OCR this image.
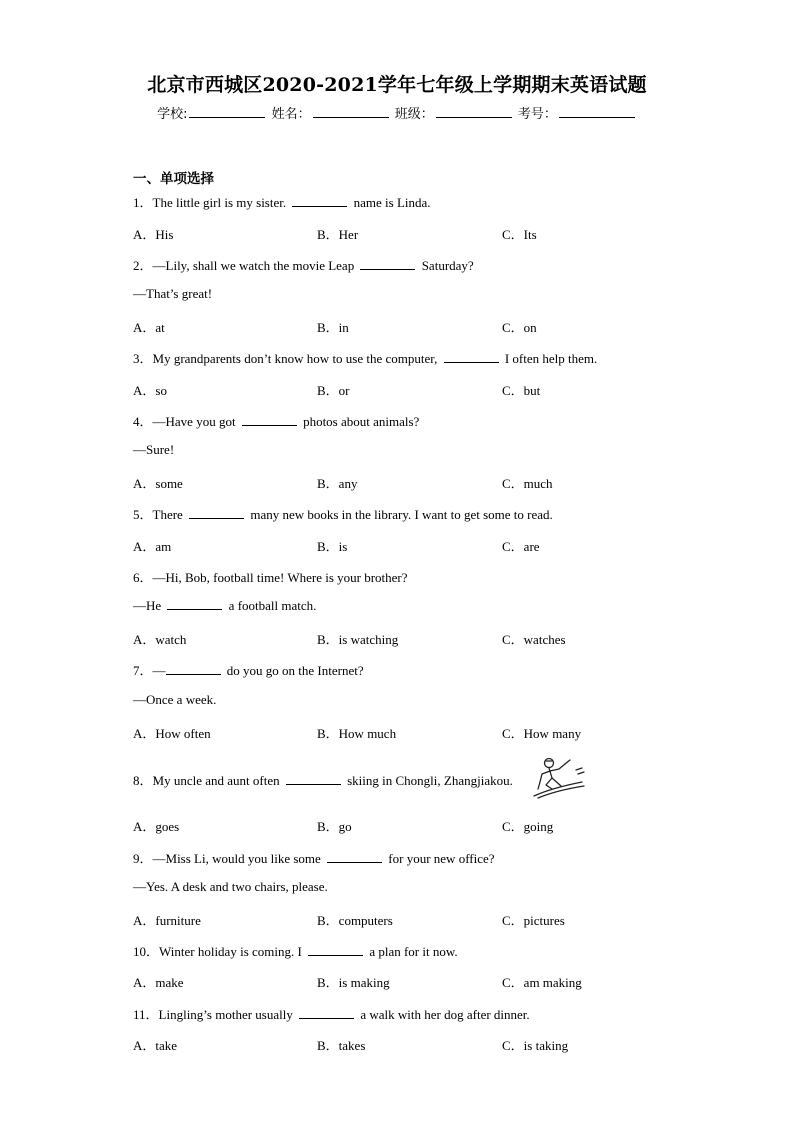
北京市西城区2020-2021学年七年级上学期期末英语试题
学校:	姓名：	班级：	考号：
一、单项选择
1．The little girl is my sister.	name is Linda.
A．His	B．Her	C．Its
2．—Lily, shall we watch the movie Leap	Saturday?
—That’s great!
A．at	B．in	C．on
3．My grandparents don’t know how to use the computer,	I often help them.
A．so	B．or	C．but
4．—Have you got	photos about animals?
—Sure!
A．some	B．any	C．much
5．There	many new books in the library. I want to get some to read.
A．am	B．is	C．are
6．—Hi, Bob, football time! Where is your brother?
—He	a football match.
A．watch	B．is watching	C．watches
7．—	do you go on the Internet?
—Once a week.
A．How often	B．How much	C．How many
8．My uncle and aunt often	skiing in Chongli, Zhangjiakou.
A．goes	B．go	C．going
9．—Miss Li, would you like some	for your new office?
—Yes. A desk and two chairs, please.
A．furniture	B．computers	C．pictures
10．Winter holiday is coming. I	a plan for it now.
A．make	B．is making	C．am making
11．Lingling’s mother usually	a walk with her dog after dinner.
A．take	B．takes	C．is taking
